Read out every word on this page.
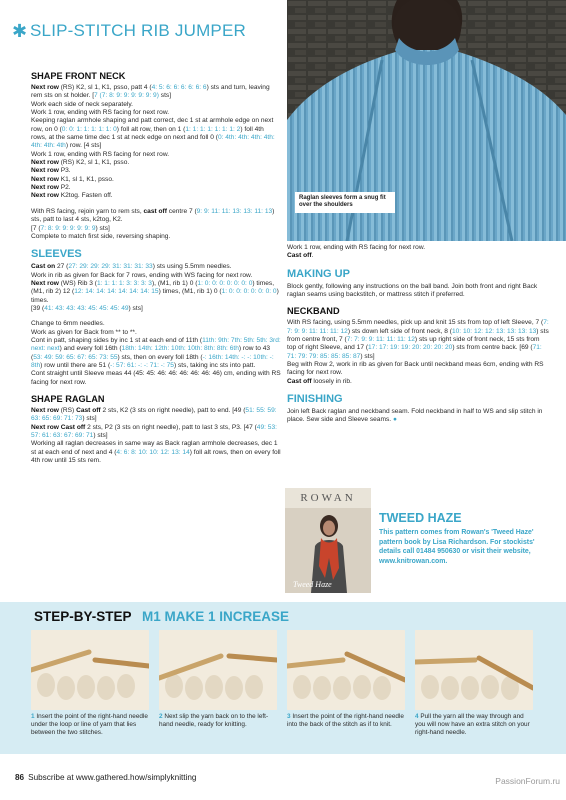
✱ SLIP-STITCH RIB JUMPER
Raglan sleeves form a snug fit over the shoulders
SHAPE FRONT NECK

Next row (RS) K2, sl 1, K1, psso, patt 4 (4: 5: 6: 6: 6: 6: 6: 6) sts and turn, leaving rem sts on st holder. [7 (7: 8: 9: 9: 9: 9: 9: 9) sts]

Work each side of neck separately.

Work 1 row, ending with RS facing for next row.

Keeping raglan armhole shaping and patt correct, dec 1 st at armhole edge on next row, on 0 (0: 0: 1: 1: 1: 1: 1: 0) foll alt row, then on 1 (1: 1: 1: 1: 1: 1: 1: 2) foll 4th rows, at the same time dec 1 st at neck edge on next and foll 0 (0: 4th: 4th: 4th: 4th: 4th: 4th: 4th) row. [4 sts]

Work 1 row, ending with RS facing for next row.

Next row (RS) K2, sl 1, K1, psso.

Next row P3.

Next row K1, sl 1, K1, psso.

Next row P2.

Next row K2tog. Fasten off.

With RS facing, rejoin yarn to rem sts, cast off centre 7 (9: 9: 11: 11: 13: 13: 11: 13) sts, patt to last 4 sts, k2tog, K2.

[7 (7: 8: 9: 9: 9: 9: 9: 9) sts]

Complete to match first side, reversing shaping.

SLEEVES

Cast on 27 (27: 29: 29: 29: 31: 31: 31: 33) sts using 5.5mm needles.

Work in rib as given for Back for 7 rows, ending with WS facing for next row.

Next row (WS) Rib 3 (1: 1: 1: 1: 3: 3: 3: 3), (M1, rib 1) 0 (1: 0: 0: 0: 0: 0: 0: 0) times, (M1, rib 2) 12 (12: 14: 14: 14: 14: 14: 14: 15) times, (M1, rib 1) 0 (1: 0: 0: 0: 0: 0: 0: 0) times.

[39 (41: 43: 43: 43: 45: 45: 45: 49) sts]

Change to 6mm needles.

Work as given for Back from ** to **.

Cont in patt, shaping sides by inc 1 st at each end of 11th (11th: 9th: 7th: 5th: 5th: 3rd: next: next) and every foll 16th (18th: 14th: 12th: 10th: 10th: 8th: 8th: 6th) row to 43 (53: 49: 59: 65: 67: 65: 73: 55) sts, then on every foll 18th (-: 16th: 14th: -: -: 10th: -: 8th) row until there are 51 (-: 57: 61: -: -: 71: -: 75) sts, taking inc sts into patt.

Cont straight until Sleeve meas 44 (45: 45: 46: 46: 46: 46: 46: 46) cm, ending with RS facing for next row.

SHAPE RAGLAN

Next row (RS) Cast off 2 sts, K2 (3 sts on right needle), patt to end. [49 (51: 55: 59: 63: 65: 69: 71: 73) sts]

Next row Cast off 2 sts, P2 (3 sts on right needle), patt to last 3 sts, P3. [47 (49: 53: 57: 61: 63: 67: 69: 71) sts]

Working all raglan decreases in same way as Back raglan armhole decreases, dec 1 st at each end of next and 4 (4: 6: 8: 10: 10: 12: 13: 14) foll alt rows, then on every foll 4th row until 15 sts rem.

Work 1 row, ending with RS facing for next row.

Cast off.

MAKING UP

Block gently, following any instructions on the ball band. Join both front and right Back raglan seams using backstitch, or mattress stitch if preferred.

NECKBAND

With RS facing, using 5.5mm needles, pick up and knit 15 sts from top of left Sleeve, 7 (7: 7: 9: 9: 11: 11: 11: 12) sts down left side of front neck, 8 (10: 10: 12: 12: 13: 13: 13: 13) sts from centre front, 7 (7: 7: 9: 9: 11: 11: 11: 12) sts up right side of front neck, 15 sts from top of right Sleeve, and 17 (17: 17: 19: 19: 20: 20: 20: 20) sts from centre back. [69 (71: 71: 79: 79: 85: 85: 85: 87) sts]

Beg with Row 2, work in rib as given for Back until neckband meas 6cm, ending with RS facing for next row.

Cast off loosely in rib.

FINISHING

Join left Back raglan and neckband seam. Fold neckband in half to WS and slip stitch in place. Sew side and Sleeve seams. ●

ROWAN
Tweed Haze
TWEED HAZE
This pattern comes from Rowan's 'Tweed Haze' pattern book by Lisa Richardson. For stockists' details call 01484 950630 or visit their website, www.knitrowan.com.
STEP-BY-STEP M1 MAKE 1 INCREASE
1 Insert the point of the right-hand needle under the loop or line of yarn that lies between the two stitches.
2 Next slip the yarn back on to the left-hand needle, ready for knitting.
3 Insert the point of the right-hand needle into the back of the stitch as if to knit.
4 Pull the yarn all the way through and you will now have an extra stitch on your right-hand needle.
86 Subscribe at www.gathered.how/simplyknitting	PassionForum.ru
